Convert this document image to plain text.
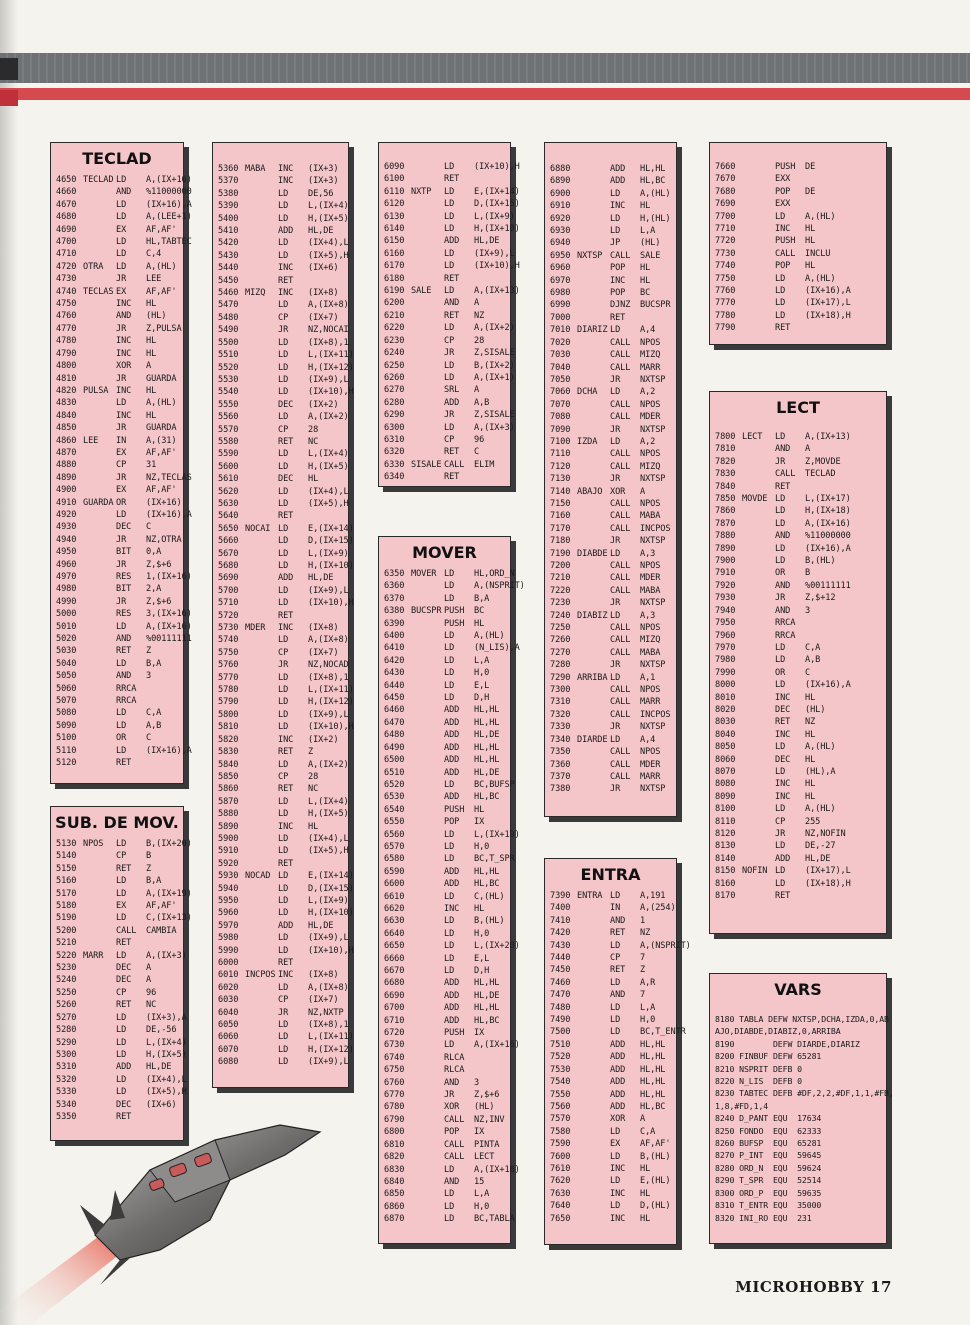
TECLAD
4650 TECLAD LD A,(IX+16)
4660	AND %11000000
4670	LD (IX+16),A
4680	LD A,(LEE+1)
4690	EX AF,AF'
4700	LD HL,TABTEC
4710	LD C,4
4720 OTRA LD A,(HL)
4730	JR LEE
4740 TECLAS EX AF,AF'
4750	INC HL
4760	AND (HL)
4770	JR Z,PULSA
4780	INC HL
4790	INC HL
4800	XOR A
4810	JR GUARDA
4820 PULSA INC HL
4830	LD A,(HL)
4840	INC HL
4850	JR GUARDA
4860 LEE IN A,(31)
4870	EX AF,AF'
4880	CP 31
4890	JR NZ,TECLAS
4900	EX AF,AF'
4910 GUARDA OR (IX+16)
4920	LD (IX+16),A
4930	DEC C
4940	JR NZ,OTRA
4950	BIT 0,A
4960	JR Z,$+6
4970	RES 1,(IX+16)
4980	BIT 2,A
4990	JR Z,$+6
5000	RES 3,(IX+16)
5010	LD A,(IX+16)
5020	AND %00111111
5030	RET Z
5040	LD B,A
5050	AND 3
5060	RRCA
5070	RRCA
5080	LD C,A
5090	LD A,B
5100	OR C
5110	LD (IX+16),A
5120	RET
SUB. DE MOV.
5130 NPOS LD B,(IX+20)
5140	CP B
5150	RET Z
5160	LD B,A
5170	LD A,(IX+19)
5180	EX AF,AF'
5190	LD C,(IX+13)
5200	CALL CAMBIA
5210	RET
5220 MARR LD A,(IX+3)
5230	DEC A
5240	DEC A
5250	CP 96
5260	RET NC
5270	LD (IX+3),A
5280	LD DE,-56
5290	LD L,(IX+4)
5300	LD H,(IX+5)
5310	ADD HL,DE
5320	LD (IX+4),L
5330	LD (IX+5),H
5340	DEC (IX+6)
5350	RET
5360 MABA INC (IX+3)
5370	INC (IX+3)
5380	LD DE,56
5390	LD L,(IX+4)
5400	LD H,(IX+5)
5410	ADD HL,DE
5420	LD (IX+4),L
5430	LD (IX+5),H
5440	INC (IX+6)
5450	RET
5460 MIZQ INC (IX+8)
5470	LD A,(IX+8)
5480	CP (IX+7)
5490	JR NZ,NOCAI
5500	LD (IX+8),1
5510	LD L,(IX+11)
5520	LD H,(IX+12)
5530	LD (IX+9),L
5540	LD (IX+10),H
5550	DEC (IX+2)
5560	LD A,(IX+2)
5570	CP 28
5580	RET NC
5590	LD L,(IX+4)
5600	LD H,(IX+5)
5610	DEC HL
5620	LD (IX+4),L
5630	LD (IX+5),H
5640	RET
5650 NOCAI LD E,(IX+14)
5660	LD D,(IX+15)
5670	LD L,(IX+9)
5680	LD H,(IX+10)
5690	ADD HL,DE
5700	LD (IX+9),L
5710	LD (IX+10),H
5720	RET
5730 MDER INC (IX+8)
5740	LD A,(IX+8)
5750	CP (IX+7)
5760	JR NZ,NOCAD
5770	LD (IX+8),1
5780	LD L,(IX+11)
5790	LD H,(IX+12)
5800	LD (IX+9),L
5810	LD (IX+10),H
5820	INC (IX+2)
5830	RET Z
5840	LD A,(IX+2)
5850	CP 28
5860	RET NC
5870	LD L,(IX+4)
5880	LD H,(IX+5)
5890	INC HL
5900	LD (IX+4),L
5910	LD (IX+5),H
5920	RET
5930 NOCAD LD E,(IX+14)
5940	LD D,(IX+15)
5950	LD L,(IX+9)
5960	LD H,(IX+10)
5970	ADD HL,DE
5980	LD (IX+9),L
5990	LD (IX+10),H
6000	RET
6010 INCPOS INC (IX+8)
6020	LD A,(IX+8)
6030	CP (IX+7)
6040	JR NZ,NXTP
6050	LD (IX+8),1
6060	LD L,(IX+11)
6070	LD H,(IX+12)
6080	LD (IX+9),L
6090	LD (IX+10),H
6100	RET
6110 NXTP LD E,(IX+14)
6120	LD D,(IX+15)
6130	LD L,(IX+9)
6140	LD H,(IX+10)
6150	ADD HL,DE
6160	LD (IX+9),L
6170	LD (IX+10),H
6180	RET
6190 SALE LD A,(IX+13)
6200	AND A
6210	RET NZ
6220	LD A,(IX+2)
6230	CP 28
6240	JR Z,SISALE
6250	LD B,(IX+2)
6260	LD A,(IX+1)
6270	SRL A
6280	ADD A,B
6290	JR Z,SISALE
6300	LD A,(IX+3)
6310	CP 96
6320	RET C
6330 SISALE CALL ELIM
6340	RET
MOVER
6350 MOVER LD HL,ORD_N
6360	LD A,(NSPRIT)
6370	LD B,A
6380 BUCSPR PUSH BC
6390	PUSH HL
6400	LD A,(HL)
6410	LD (N_LIS),A
6420	LD L,A
6430	LD H,0
6440	LD E,L
6450	LD D,H
6460	ADD HL,HL
6470	ADD HL,HL
6480	ADD HL,DE
6490	ADD HL,HL
6500	ADD HL,HL
6510	ADD HL,DE
6520	LD BC,BUFSP
6530	ADD HL,BC
6540	PUSH HL
6550	POP IX
6560	LD L,(IX+19)
6570	LD H,0
6580	LD BC,T_SPR
6590	ADD HL,HL
6600	ADD HL,BC
6610	LD C,(HL)
6620	INC HL
6630	LD B,(HL)
6640	LD H,0
6650	LD L,(IX+20)
6660	LD E,L
6670	LD D,H
6680	ADD HL,HL
6690	ADD HL,DE
6700	ADD HL,HL
6710	ADD HL,BC
6720	PUSH IX
6730	LD A,(IX+16)
6740	RLCA
6750	RLCA
6760	AND 3
6770	JR Z,$+6
6780	XOR (HL)
6790	CALL NZ,INV
6800	POP IX
6810	CALL PINTA
6820	CALL LECT
6830	LD A,(IX+16)
6840	AND 15
6850	LD L,A
6860	LD H,0
6870	LD BC,TABLA
6880	ADD HL,HL
6890	ADD HL,BC
6900	LD A,(HL)
6910	INC HL
6920	LD H,(HL)
6930	LD L,A
6940	JP (HL)
6950 NXTSP CALL SALE
6960	POP HL
6970	INC HL
6980	POP BC
6990	DJNZ BUCSPR
7000	RET
7010 DIARIZ LD A,4
7020	CALL NPOS
7030	CALL MIZQ
7040	CALL MARR
7050	JR NXTSP
7060 DCHA LD A,2
7070	CALL NPOS
7080	CALL MDER
7090	JR NXTSP
7100 IZDA LD A,2
7110	CALL NPOS
7120	CALL MIZQ
7130	JR NXTSP
7140 ABAJO XOR A
7150	CALL NPOS
7160	CALL MABA
7170	CALL INCPOS
7180	JR NXTSP
7190 DIABDE LD A,3
7200	CALL NPOS
7210	CALL MDER
7220	CALL MABA
7230	JR NXTSP
7240 DIABIZ LD A,3
7250	CALL NPOS
7260	CALL MIZQ
7270	CALL MABA
7280	JR NXTSP
7290 ARRIBA LD A,1
7300	CALL NPOS
7310	CALL MARR
7320	CALL INCPOS
7330	JR NXTSP
7340 DIARDE LD A,4
7350	CALL NPOS
7360	CALL MDER
7370	CALL MARR
7380	JR NXTSP
ENTRA
7390 ENTRA LD A,191
7400	IN A,(254)
7410	AND 1
7420	RET NZ
7430	LD A,(NSPRIT)
7440	CP 7
7450	RET Z
7460	LD A,R
7470	AND 7
7480	LD L,A
7490	LD H,0
7500	LD BC,T_ENTR
7510	ADD HL,HL
7520	ADD HL,HL
7530	ADD HL,HL
7540	ADD HL,HL
7550	ADD HL,HL
7560	ADD HL,BC
7570	XOR A
7580	LD C,A
7590	EX AF,AF'
7600	LD B,(HL)
7610	INC HL
7620	LD E,(HL)
7630	INC HL
7640	LD D,(HL)
7650	INC HL
7660	PUSH DE
7670	EXX
7680	POP DE
7690	EXX
7700	LD A,(HL)
7710	INC HL
7720	PUSH HL
7730	CALL INCLU
7740	POP HL
7750	LD A,(HL)
7760	LD (IX+16),A
7770	LD (IX+17),L
7780	LD (IX+18),H
7790	RET
LECT
7800 LECT LD A,(IX+13)
7810	AND A
7820	JR Z,MOVDE
7830	CALL TECLAD
7840	RET
7850 MOVDE LD L,(IX+17)
7860	LD H,(IX+18)
7870	LD A,(IX+16)
7880	AND %11000000
7890	LD (IX+16),A
7900	LD B,(HL)
7910	OR B
7920	AND %00111111
7930	JR Z,$+12
7940	AND 3
7950	RRCA
7960	RRCA
7970	LD C,A
7980	LD A,B
7990	OR C
8000	LD (IX+16),A
8010	INC HL
8020	DEC (HL)
8030	RET NZ
8040	INC HL
8050	LD A,(HL)
8060	DEC HL
8070	LD (HL),A
8080	INC HL
8090	INC HL
8100	LD A,(HL)
8110	CP 255
8120	JR NZ,NOFIN
8130	LD DE,-27
8140	ADD HL,DE
8150 NOFIN LD (IX+17),L
8160	LD (IX+18),H
8170	RET
VARS
8180 TABLA DEFW NXTSP,DCHA,IZDA,0,AB
AJO,DIABDE,DIABIZ,0,ARRIBA
8190        DEFW DIARDE,DIARIZ
8200 FINBUF DEFW 65281
8210 NSPRIT DEFB 0
8220 N_LIS  DEFB 0
8230 TABTEC DEFB #DF,2,2,#DF,1,1,#FB,
1,8,#FD,1,4
8240 D_PANT EQU  17634
8250 FONDO  EQU  62333
8260 BUFSP  EQU  65281
8270 P_INT  EQU  59645
8280 ORD_N  EQU  59624
8290 T_SPR  EQU  52514
8300 ORD_P  EQU  59635
8310 T_ENTR EQU  35000
8320 INI_RO EQU  231
MICROHOBBY 17
